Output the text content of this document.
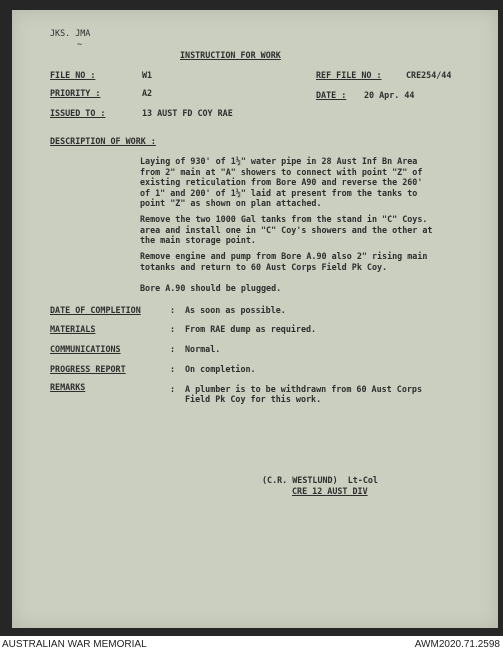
JKS. JMA
~
INSTRUCTION FOR WORK
FILE NO :	W1	REF FILE NO :	CRE254/44
PRIORITY :	A2	DATE : 20 Apr. 44
ISSUED TO :	13 AUST FD COY RAE
DESCRIPTION OF WORK :
Laying of 930' of 1½" water pipe in 28 Aust Inf Bn Area
from 2" main at "A" showers to connect with point "Z" of
existing reticulation from Bore A90 and reverse the 260'
of 1" and 200' of 1½" laid at present from the tanks to
point "Z" as shown on plan attached.
Remove the two 1000 Gal tanks from the stand in "C" Coys.
area and install one in "C" Coy's showers and the other at
the main storage point.
Remove engine and pump from Bore A.90 also 2" rising main
totanks and return to 60 Aust Corps Field Pk Coy.
Bore A.90 should be plugged.
DATE OF COMPLETION	: As soon as possible.
MATERIALS	: From RAE dump as required.
COMMUNICATIONS	: Normal.
PROGRESS REPORT	: On completion.
REMARKS	: A plumber is to be withdrawn from 60 Aust Corps
Field Pk Coy for this work.
(C.R. WESTLUND)  Lt-Col
CRE 12 AUST DIV
AUSTRALIAN WAR MEMORIAL	AWM2020.71.2598
